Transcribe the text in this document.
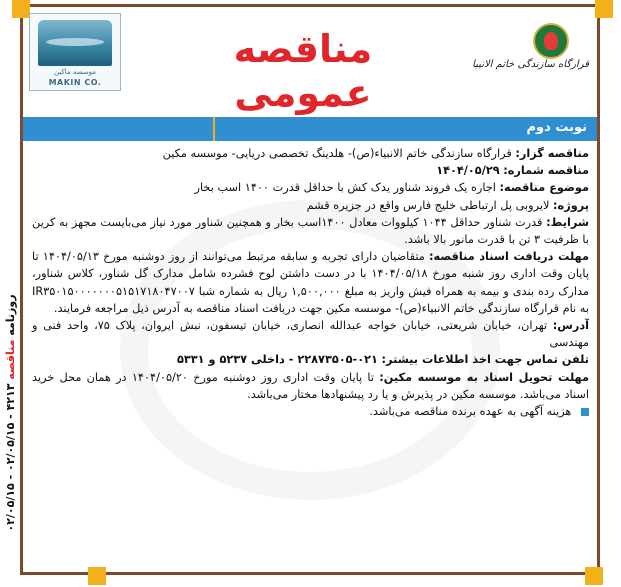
موسسه ماکین
MAKIN CO.
مناقصه عمومی
قرارگاه سازندگی خاتم الانبیا
نوبت دوم

مناقصه گزار: قرارگاه سازندگی خاتم الانبیاء(ص)- هلدینگ تخصصی دریایی- موسسه مکین

مناقصه شماره: ۱۴۰۴/۰۵/۲۹

موضوع مناقصه: اجاره یک فروند شناور یدک کش با حداقل قدرت ۱۴۰۰ اسب بخار

پروژه: لایروبی پل ارتباطی خلیج فارس واقع در جزیره قشم

شرایط: قدرت شناور حداقل ۱۰۴۴ کیلووات معادل ۱۴۰۰اسب بخار و همچنین شناور مورد نیاز می‌بایست مجهز به کرین با ظرفیت ۳ تن با قدرت مانور بالا باشد.

مهلت دریافت اسناد مناقصه: متقاضیان دارای تجربه و سابقه مرتبط می‌توانند از روز دوشنبه مورخ ۱۴۰۴/۰۵/۱۳ تا پایان وقت اداری روز شنبه مورخ ۱۴۰۴/۰۵/۱۸ با در دست داشتن لوح فشرده شامل مدارک گل شناور، کلاس شناور، مدارک رده بندی و بیمه به همراه فیش واریز به مبلغ ۱,۵۰۰,۰۰۰ ریال به شماره شبا IR۳۵۰۱۵۰۰۰۰۰۰۰۵۱۵۱۷۱۸۰۴۷۰۰۷ به نام قرارگاه سازندگی خاتم الانبیاء(ص)- موسسه مکین جهت دریافت اسناد مناقصه به آدرس ذیل مراجعه فرمایند.

آدرس: تهران، خیابان شریعتی، خیابان خواجه عبدالله انصاری، خیابان تیسفون، نبش ایروان، پلاک ۷۵، واحد فنی و مهندسی

تلفن تماس جهت اخذ اطلاعات بیشتر: ۰۲۱-۲۲۸۷۳۵۰۵ - داخلی ۵۲۳۷ و ۵۳۳۱

مهلت تحویل اسناد به موسسه مکین: تا پایان وقت اداری روز دوشنبه مورخ ۱۴۰۴/۰۵/۲۰ در همان محل خرید اسناد می‌باشد. موسسه مکین در پذیرش و یا رد پیشنهادها مختار می‌باشد.

هزینه آگهی به عهده برنده مناقصه می‌باشد.

روزنامه مناقصه ۴۲۱۳ - ۰۲/۰۵/۱۵ - ۰۲/۰۵/۱۵
